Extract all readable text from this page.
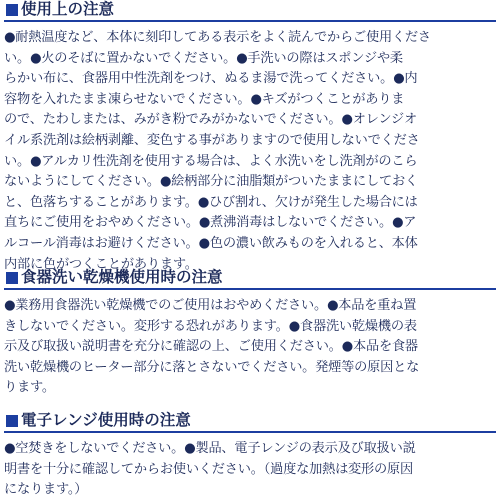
使用上の注意
●耐熱温度など、本体に刻印してある表示をよく読んでからご使用くださ
い。●火のそばに置かないでください。●手洗いの際はスポンジや柔
らかい布に、食器用中性洗剤をつけ、ぬるま湯で洗ってください。●内
容物を入れたまま凍らせないでください。●キズがつくことがありま
ので、たわしまたは、みがき粉でみがかないでください。●オレンジオ
イル系洗剤は絵柄剥離、変色する事がありますので使用しないでくださ
い。●アルカリ性洗剤を使用する場合は、よく水洗いをし洗剤がのこら
ないようにしてください。●絵柄部分に油脂類がついたままにしておく
と、色落ちすることがあります。●ひび割れ、欠けが発生した場合には
直ちにご使用をおやめください。●煮沸消毒はしないでください。●ア
ルコール消毒はお避けください。●色の濃い飲みものを入れると、本体
内部に色がつくことがあります。
食器洗い乾燥機使用時の注意
●業務用食器洗い乾燥機でのご使用はおやめください。●本品を重ね置
きしないでください。変形する恐れがあります。●食器洗い乾燥機の表
示及び取扱い説明書を充分に確認の上、ご使用ください。●本品を食器
洗い乾燥機のヒーター部分に落とさないでください。発煙等の原因とな
ります。
電子レンジ使用時の注意
●空焚きをしないでください。●製品、電子レンジの表示及び取扱い説
明書を十分に確認してからお使いください。（過度な加熱は変形の原因
になります。）
